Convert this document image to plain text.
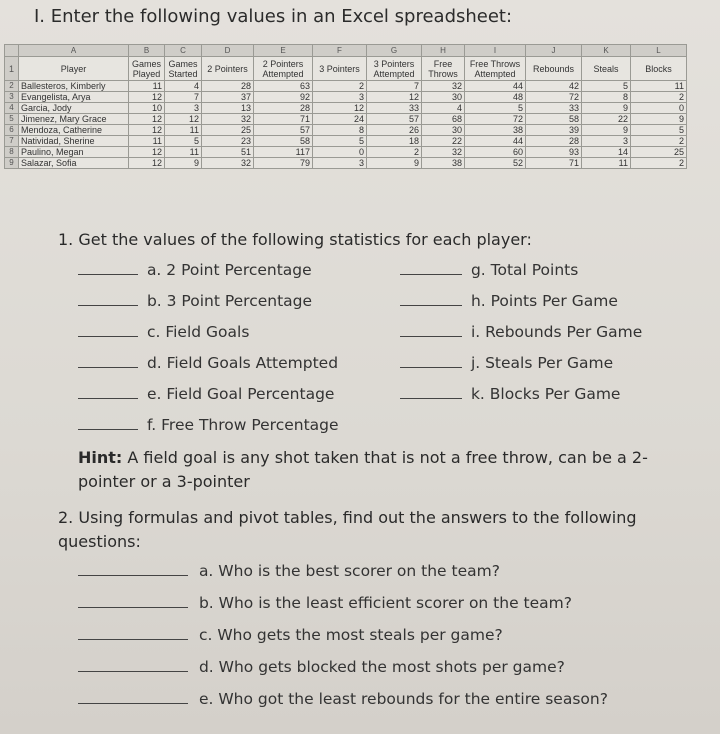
I. Enter the following values in an Excel spreadsheet:
	A	B	C	D	E	F	G	H	I	J	K	L
1	Player	Games Played	Games Started	2 Pointers	2 Pointers Attempted	3 Pointers	3 Pointers Attempted	Free Throws	Free Throws Attempted	Rebounds	Steals	Blocks
2	Ballesteros, Kimberly	11	4	28	63	2	7	32	44	42	5	11
3	Evangelista, Arya	12	7	37	92	3	12	30	48	72	8	2
4	Garcia, Jody	10	3	13	28	12	33	4	5	33	9	0
5	Jimenez, Mary Grace	12	12	32	71	24	57	68	72	58	22	9
6	Mendoza, Catherine	12	11	25	57	8	26	30	38	39	9	5
7	Natividad, Sherine	11	5	23	58	5	18	22	44	28	3	2
8	Paulino, Megan	12	11	51	117	0	2	32	60	93	14	25
9	Salazar, Sofia	12	9	32	79	3	9	38	52	71	11	2
1. Get the values of the following statistics for each player:
a. 2 Point Percentage
b. 3 Point Percentage
c. Field Goals
d. Field Goals Attempted
e. Field Goal Percentage
f. Free Throw Percentage
g. Total Points
h. Points Per Game
i. Rebounds Per Game
j. Steals Per Game
k. Blocks Per Game
Hint: A field goal is any shot taken that is not a free throw, can be a 2-pointer or a 3-pointer
2. Using formulas and pivot tables, find out the answers to the following questions:
a. Who is the best scorer on the team?
b. Who is the least efficient scorer on the team?
c. Who gets the most steals per game?
d. Who gets blocked the most shots per game?
e. Who got the least rebounds for the entire season?
